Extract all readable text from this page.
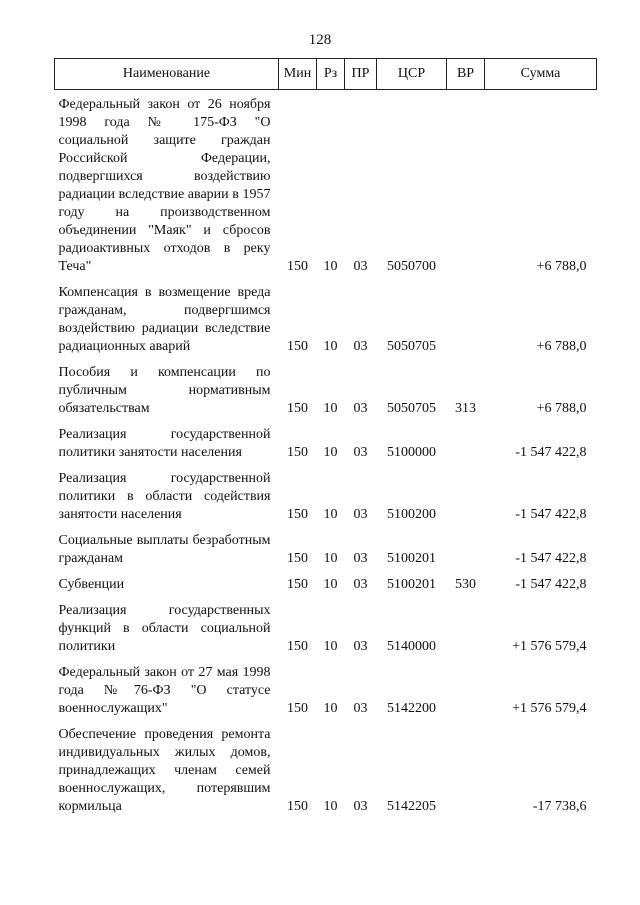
128
Наименование	Мин	Рз	ПР	ЦСР	ВР	Сумма
Федеральный закон от 26 ноября 1998 года № 175-ФЗ "О социальной защите граждан Российской Федерации, подвергшихся воздействию радиации вследствие аварии в 1957 году на производственном объединении "Маяк" и сбросов радиоактивных отходов в реку Теча"	150	10	03	5050700		+6 788,0
Компенсация в возмещение вреда гражданам, подвергшимся воздействию радиации вследствие радиационных аварий	150	10	03	5050705		+6 788,0
Пособия и компенсации по публичным нормативным обязательствам	150	10	03	5050705	313	+6 788,0
Реализация государственной политики занятости населения	150	10	03	5100000		-1 547 422,8
Реализация государственной политики в области содействия занятости населения	150	10	03	5100200		-1 547 422,8
Социальные выплаты безработным гражданам	150	10	03	5100201		-1 547 422,8
Субвенции	150	10	03	5100201	530	-1 547 422,8
Реализация государственных функций в области социальной политики	150	10	03	5140000		+1 576 579,4
Федеральный закон от 27 мая 1998 года №76-ФЗ "О статусе военнослужащих"	150	10	03	5142200		+1 576 579,4
Обеспечение проведения ремонта индивидуальных жилых домов, принадлежащих членам семей военнослужащих, потерявшим кормильца	150	10	03	5142205		-17 738,6
